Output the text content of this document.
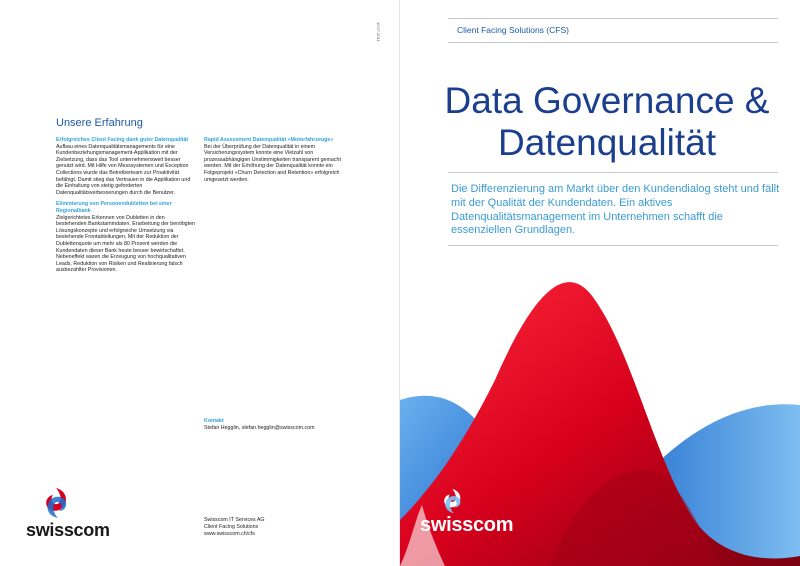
Unsere Erfahrung
Erfolgreiches Client Facing dank guter Datenqualität

Aufbau eines Datenqualitätsmanagements für eine Kundenbeziehungsmanagement-Applikation mit der Zielsetzung, dass das Tool unternehmensweit besser genutzt wird. Mit Hilfe von Messsystemen und Exception Collections wurde das Betreiberteam zur Proaktivität befähigt. Damit stieg das Vertrauen in die Applikation und die Einhaltung von stetig geforderten Datenqualitätsverbesserungen durch die Benutzer.

Eliminierung von Personendubletten bei einer Regionalbank

Zielgerichtetes Erkennen von Dubletten in den bestehenden Bankstammdaten. Erarbeitung der benötigten Lösungskonzepte und erfolgreiche Umsetzung via bestehende Frontabteilungen. Mit der Reduktion der Dublettenquote um mehr als 80 Prozent werden die Kundendaten dieser Bank heute besser bewirtschaftet. Nebeneffekt waren die Erzeugung von hochqualitativen Leads, Reduktion von Risiken und Realisierung falsch ausbezahlter Provisionen.

Rapid Assessment Datenqualität «Motorfahrzeuge»

Bei der Überprüfung der Datenqualität in einem Versicherungssystem konnte eine Vielzahl von prozessabhängigen Unstimmigkeiten transparent gemacht werden. Mit der Erhöhung der Datenqualität konnte ein Folgeprojekt «Churn Detection and Retention» erfolgreich umgesetzt werden.

Kontakt
Stefan Hegglin, stefan.hegglin@swisscom.com
Swisscom IT Services AG
Client Facing Solutions
www.swisscom.ch/cfs
swisscom
10.07.2011	Client Facing Solutions (CFS)
Data Governance &
Datenqualität

Die Differenzierung am Markt über den Kundendialog steht und fällt mit der Qualität der Kundendaten. Ein aktives Datenqualitätsmanagement im Unternehmen schafft die essenziellen Grundlagen.

swisscom
